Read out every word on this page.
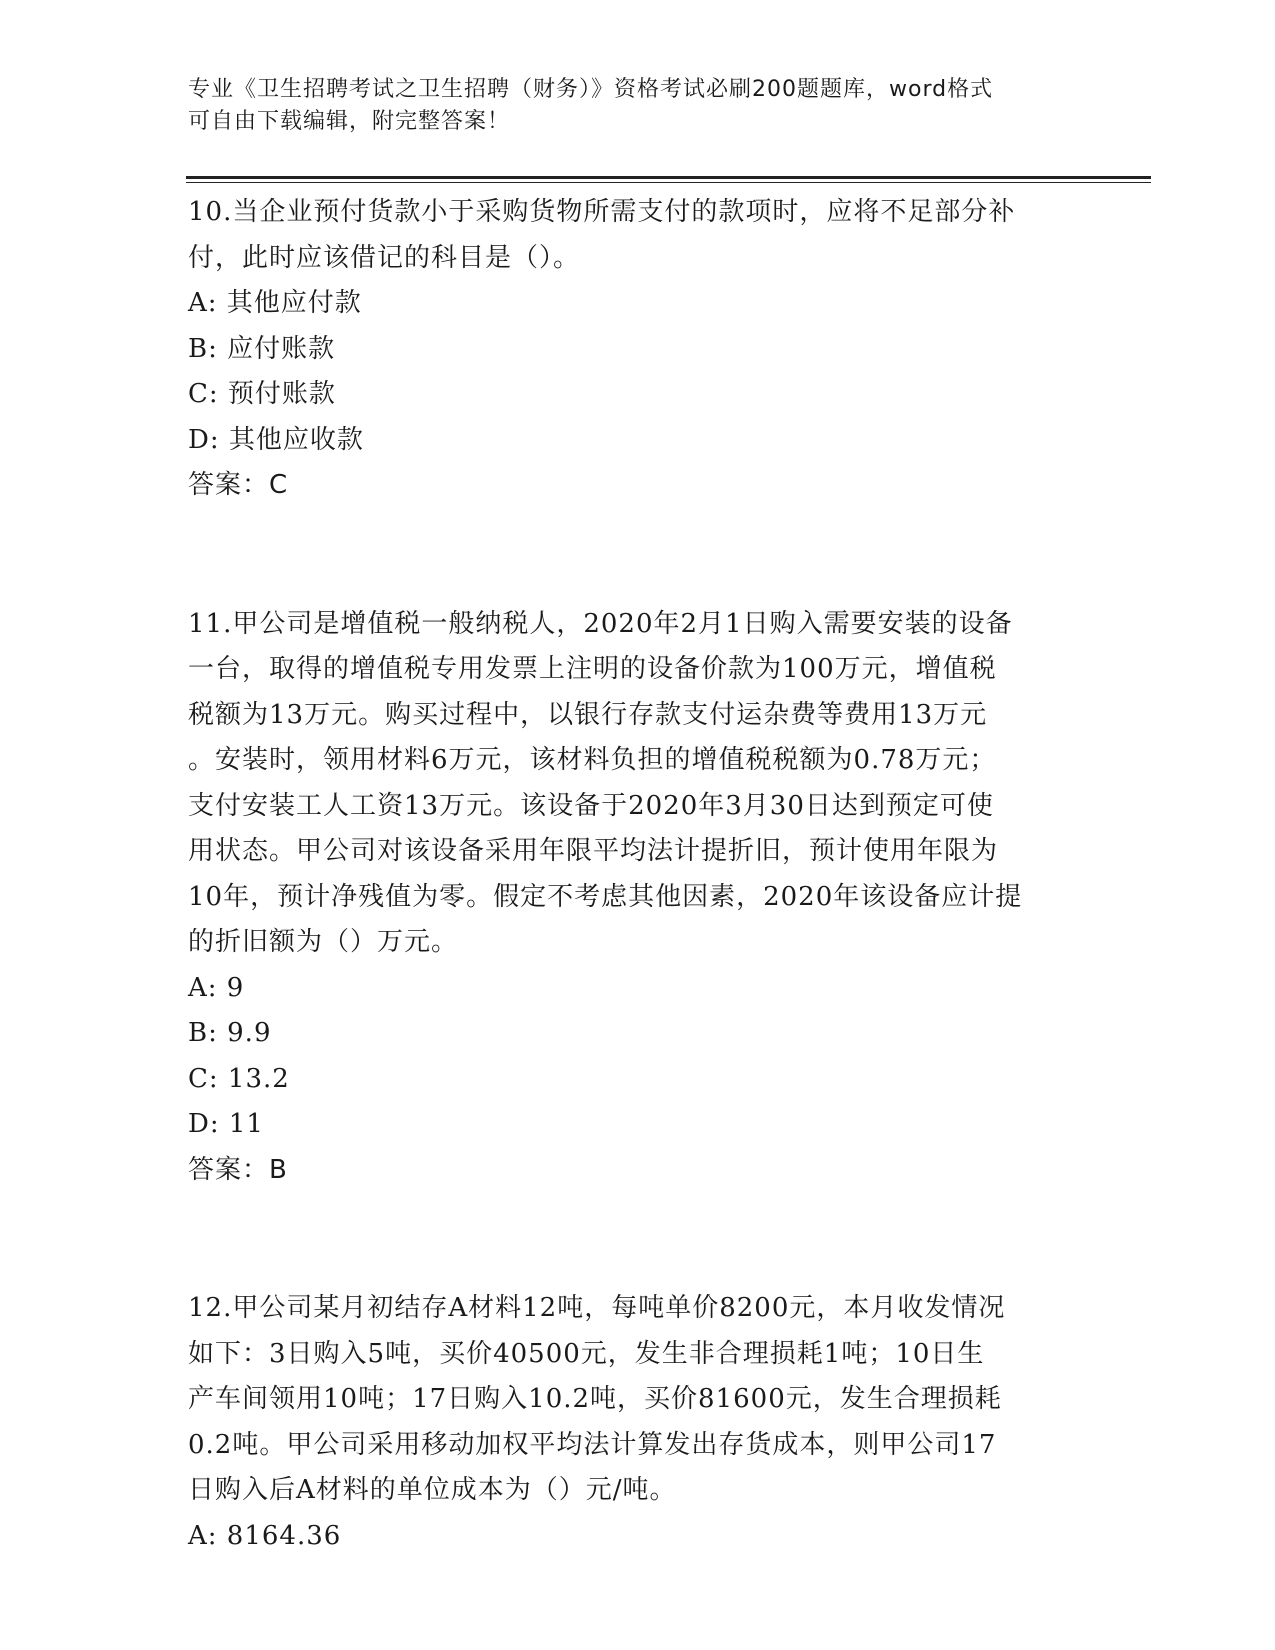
专业《卫生招聘考试之卫生招聘（财务）》资格考试必刷200题题库，word格式
可自由下载编辑，附完整答案！

10.当企业预付货款小于采购货物所需支付的款项时，应将不足部分补

付，此时应该借记的科目是（）。

A: 其他应付款

B: 应付账款

C: 预付账款

D: 其他应收款

答案：C

11.甲公司是增值税一般纳税人，2020年2月1日购入需要安装的设备

一台，取得的增值税专用发票上注明的设备价款为100万元，增值税

税额为13万元。购买过程中，以银行存款支付运杂费等费用13万元

。安装时，领用材料6万元，该材料负担的增值税税额为0.78万元；

支付安装工人工资13万元。该设备于2020年3月30日达到预定可使

用状态。甲公司对该设备采用年限平均法计提折旧，预计使用年限为

10年，预计净残值为零。假定不考虑其他因素，2020年该设备应计提

的折旧额为（）万元。

A: 9

B: 9.9

C: 13.2

D: 11

答案：B

12.甲公司某月初结存A材料12吨，每吨单价8200元，本月收发情况

如下：3日购入5吨，买价40500元，发生非合理损耗1吨；10日生

产车间领用10吨；17日购入10.2吨，买价81600元，发生合理损耗

0.2吨。甲公司采用移动加权平均法计算发出存货成本，则甲公司17

日购入后A材料的单位成本为（）元/吨。

A: 8164.36
